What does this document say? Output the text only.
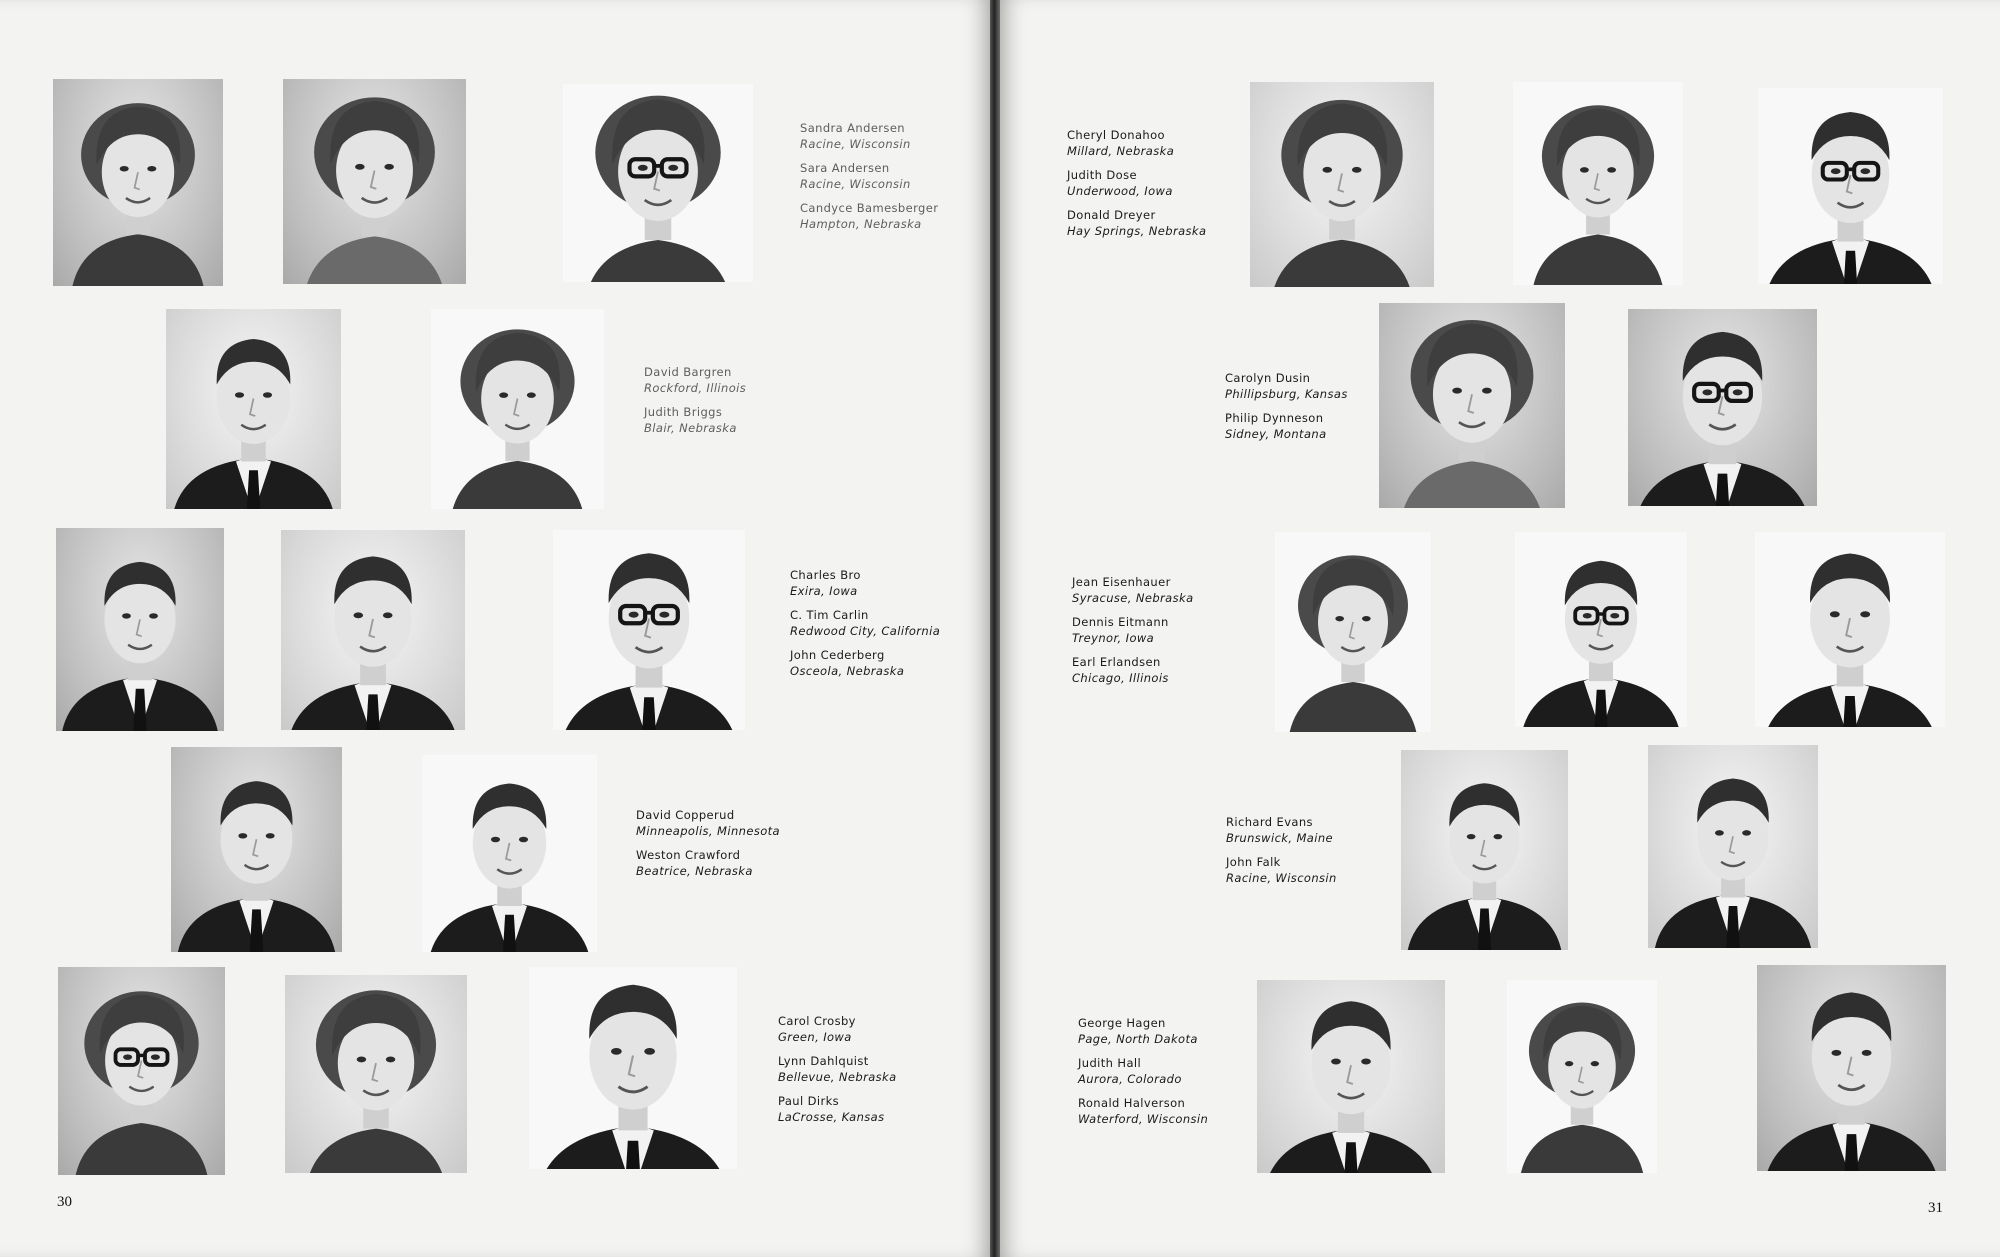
Sandra Andersen
Racine, Wisconsin
Sara Andersen
Racine, Wisconsin
Candyce Bamesberger
Hampton, Nebraska
David Bargren
Rockford, Illinois
Judith Briggs
Blair, Nebraska
Charles Bro
Exira, Iowa
C. Tim Carlin
Redwood City, California
John Cederberg
Osceola, Nebraska
David Copperud
Minneapolis, Minnesota
Weston Crawford
Beatrice, Nebraska
Carol Crosby
Green, Iowa
Lynn Dahlquist
Bellevue, Nebraska
Paul Dirks
LaCrosse, Kansas
Cheryl Donahoo
Millard, Nebraska
Judith Dose
Underwood, Iowa
Donald Dreyer
Hay Springs, Nebraska
Carolyn Dusin
Phillipsburg, Kansas
Philip Dynneson
Sidney, Montana
Jean Eisenhauer
Syracuse, Nebraska
Dennis Eitmann
Treynor, Iowa
Earl Erlandsen
Chicago, Illinois
Richard Evans
Brunswick, Maine
John Falk
Racine, Wisconsin
George Hagen
Page, North Dakota
Judith Hall
Aurora, Colorado
Ronald Halverson
Waterford, Wisconsin
30	31
